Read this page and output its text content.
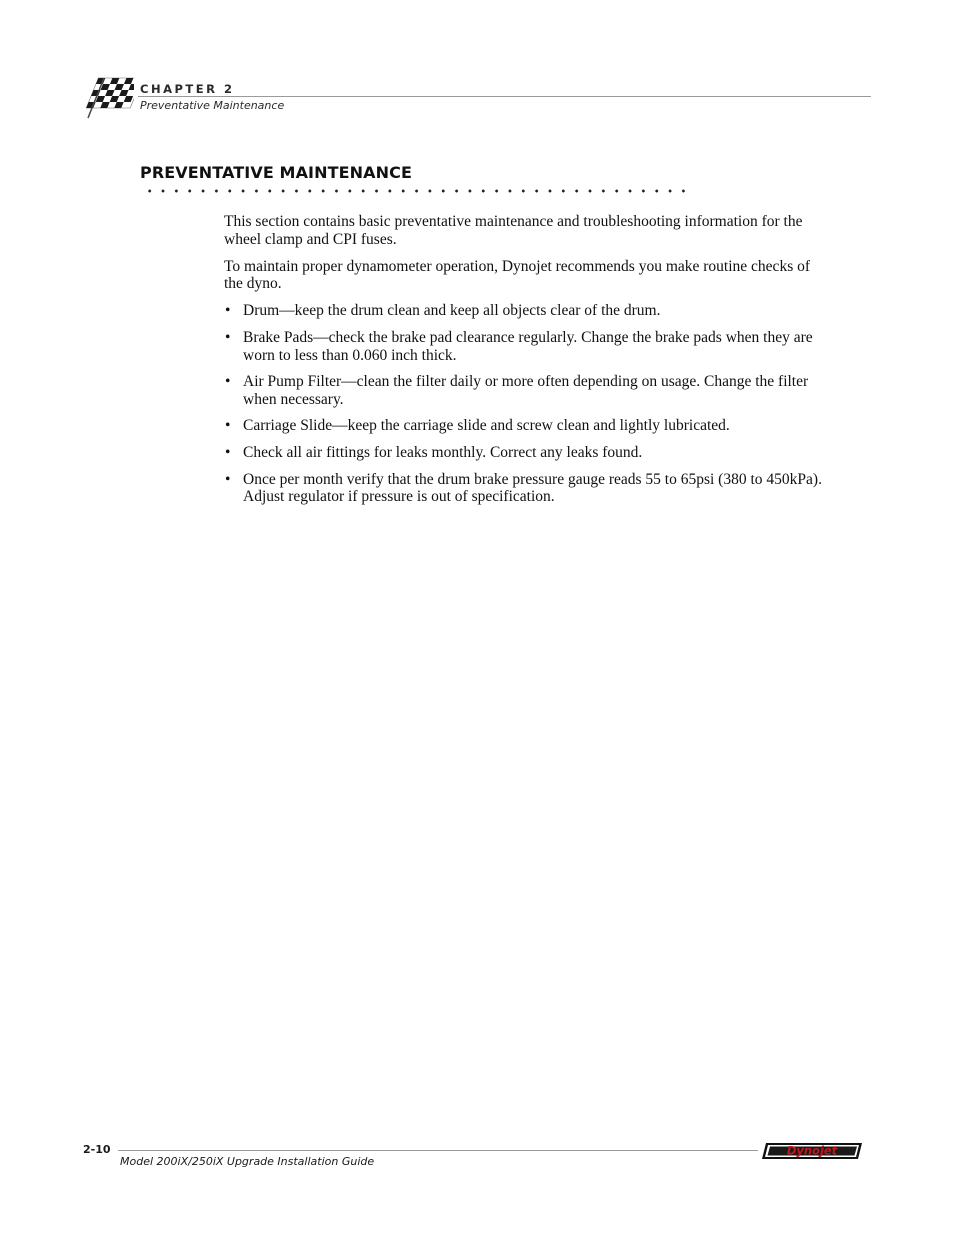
CHAPTER 2
Preventative Maintenance
PREVENTATIVE MAINTENANCE

This section contains basic preventative maintenance and troubleshooting information for the wheel clamp and CPI fuses.

To maintain proper dynamometer operation, Dynojet recommends you make routine checks of the dyno.

• Drum—keep the drum clean and keep all objects clear of the drum.
• Brake Pads—check the brake pad clearance regularly. Change the brake pads when they are worn to less than 0.060 inch thick.
• Air Pump Filter—clean the filter daily or more often depending on usage. Change the filter when necessary.
• Carriage Slide—keep the carriage slide and screw clean and lightly lubricated.
• Check all air fittings for leaks monthly. Correct any leaks found.
• Once per month verify that the drum brake pressure gauge reads 55 to 65psi (380 to 450kPa). Adjust regulator if pressure is out of specification.
2-10
Model 200iX/250iX Upgrade Installation Guide
Dynojet
